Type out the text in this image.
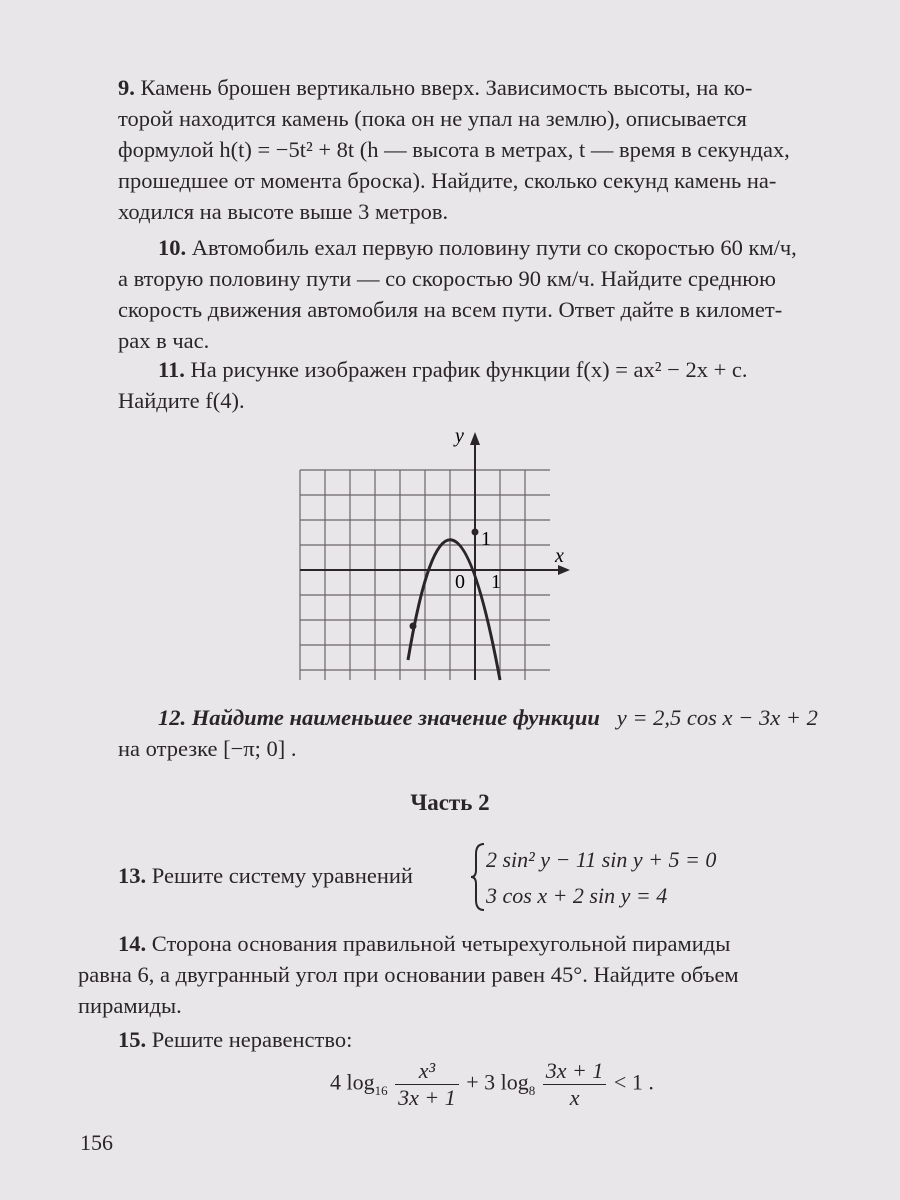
9. Камень брошен вертикально вверх. Зависимость высоты, на ко-
торой находится камень (пока он не упал на землю), описывается
формулой h(t) = −5t² + 8t (h — высота в метрах, t — время в секундах,
прошедшее от момента броска). Найдите, сколько секунд камень на-
ходился на высоте выше 3 метров.
10. Автомобиль ехал первую половину пути со скоростью 60 км/ч,
а вторую половину пути — со скоростью 90 км/ч. Найдите среднюю
скорость движения автомобиля на всем пути. Ответ дайте в километ-
рах в час.
11. На рисунке изображен график функции f(x) = ax² − 2x + c.
Найдите f(4).
y
x
0 1
1
12. Найдите наименьшее значение функции y = 2,5 cos x − 3x + 2
на отрезке [−π; 0] .
Часть 2
13. Решите систему уравнений
2 sin² y − 11 sin y + 5 = 0
3 cos x + 2 sin y = 4
14. Сторона основания правильной четырехугольной пирамиды
равна 6, а двугранный угол при основании равен 45°. Найдите объем
пирамиды.
15. Решите неравенство:
4 $\log_{16} \frac{\text{x³}}{3x + 1} + 3$ $\log_8 \frac{3x + 1}{x} < 1$ .
156
